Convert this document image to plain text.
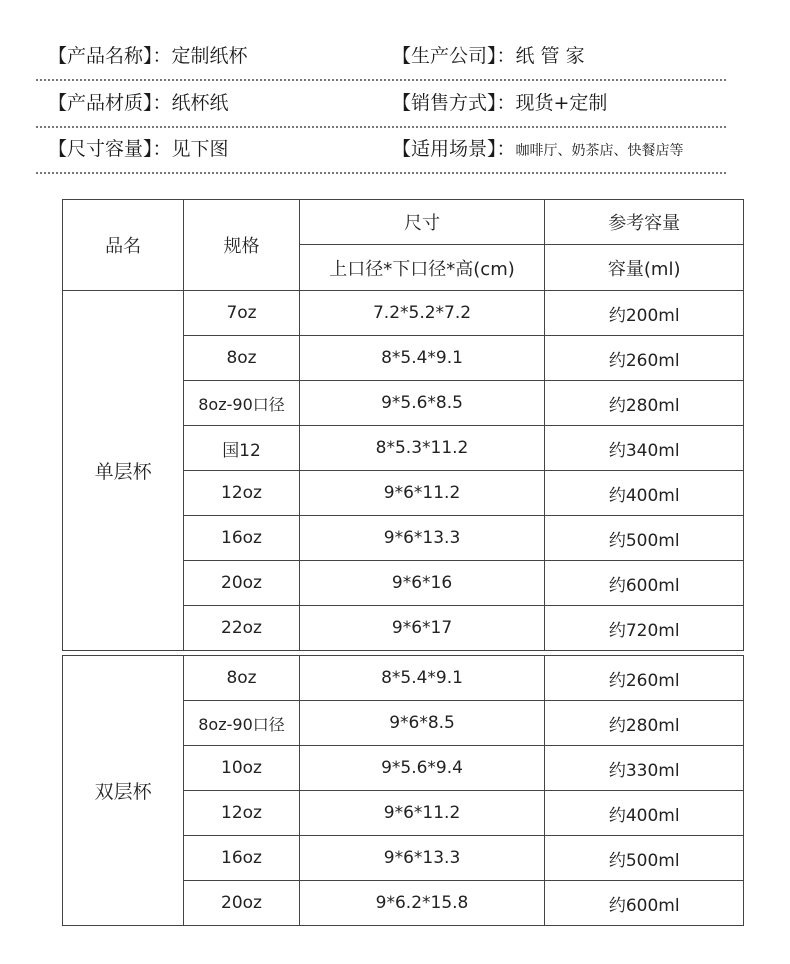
【产品名称】：定制纸杯	【生产公司】：纸 管 家
【产品材质】：纸杯纸	【销售方式】：现货+定制
【尺寸容量】：见下图	【适用场景】：咖啡厅、奶茶店、快餐店等
品名	规格	尺寸	参考容量
		上口径*下口径*高(cm)	容量(ml)
单层杯	7oz	7.2*5.2*7.2	约200ml
	8oz	8*5.4*9.1	约260ml
	8oz-90口径	9*5.6*8.5	约280ml
	国12	8*5.3*11.2	约340ml
	12oz	9*6*11.2	约400ml
	16oz	9*6*13.3	约500ml
	20oz	9*6*16	约600ml
	22oz	9*6*17	约720ml

双层杯	8oz	8*5.4*9.1	约260ml
	8oz-90口径	9*6*8.5	约280ml
	10oz	9*5.6*9.4	约330ml
	12oz	9*6*11.2	约400ml
	16oz	9*6*13.3	约500ml
	20oz	9*6.2*15.8	约600ml
